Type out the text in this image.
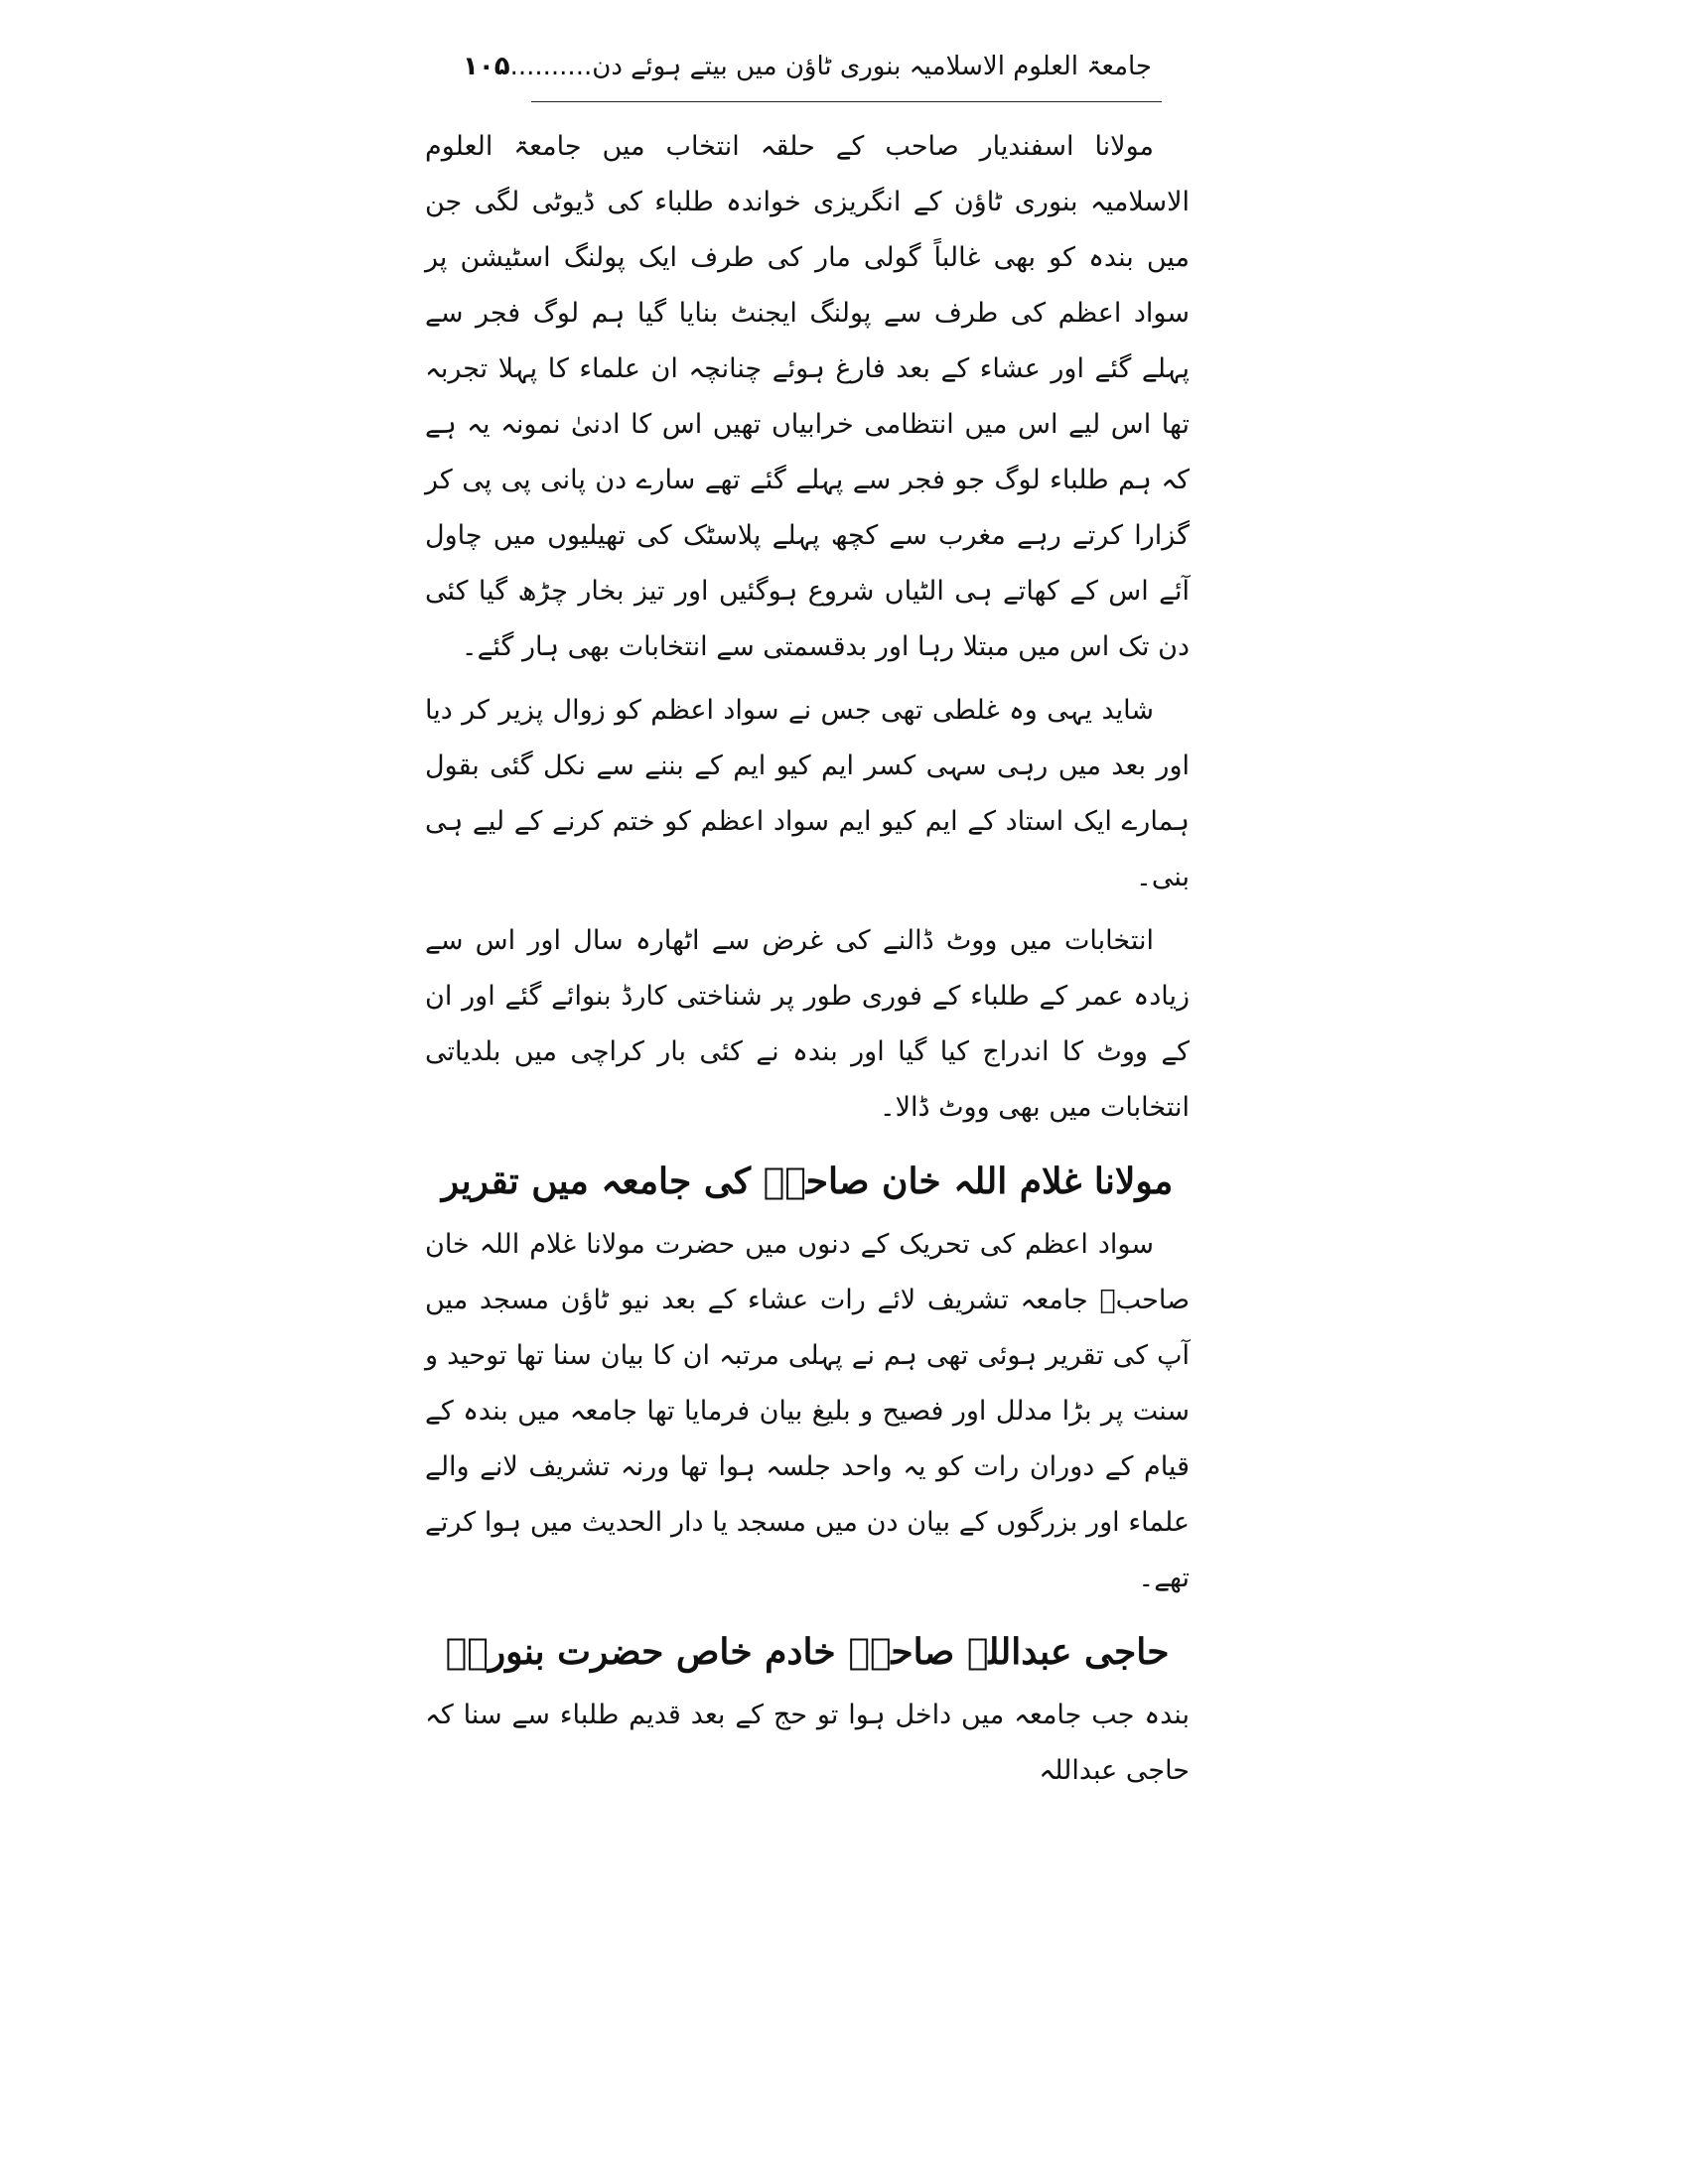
جامعۃ العلوم الاسلامیہ بنوری ٹاؤن میں بیتے ہوئے دن..........۱۰۵

مولانا اسفندیار صاحب کے حلقہ انتخاب میں جامعۃ العلوم الاسلامیہ بنوری ٹاؤن کے انگریزی خواندہ طلباء کی ڈیوٹی لگی جن میں بندہ کو بھی غالباً گولی مار کی طرف ایک پولنگ اسٹیشن پر سواد اعظم کی طرف سے پولنگ ایجنٹ بنایا گیا ہم لوگ فجر سے پہلے گئے اور عشاء کے بعد فارغ ہوئے چنانچہ ان علماء کا پہلا تجربہ تھا اس لیے اس میں انتظامی خرابیاں تھیں اس کا ادنیٰ نمونہ یہ ہے کہ ہم طلباء لوگ جو فجر سے پہلے گئے تھے سارے دن پانی پی پی کر گزارا کرتے رہے مغرب سے کچھ پہلے پلاسٹک کی تھیلیوں میں چاول آئے اس کے کھاتے ہی الٹیاں شروع ہوگئیں اور تیز بخار چڑھ گیا کئی دن تک اس میں مبتلا رہا اور بدقسمتی سے انتخابات بھی ہار گئے۔

شاید یہی وہ غلطی تھی جس نے سواد اعظم کو زوال پزیر کر دیا اور بعد میں رہی سہی کسر ایم کیو ایم کے بننے سے نکل گئی بقول ہمارے ایک استاد کے ایم کیو ایم سواد اعظم کو ختم کرنے کے لیے ہی بنی۔

انتخابات میں ووٹ ڈالنے کی غرض سے اٹھارہ سال اور اس سے زیادہ عمر کے طلباء کے فوری طور پر شناختی کارڈ بنوائے گئے اور ان کے ووٹ کا اندراج کیا گیا اور بندہ نے کئی بار کراچی میں بلدیاتی انتخابات میں بھی ووٹ ڈالا۔

مولانا غلام اللہ خان صاحبؒ کی جامعہ میں تقریر

سواد اعظم کی تحریک کے دنوں میں حضرت مولانا غلام اللہ خان صاحبؒ جامعہ تشریف لائے رات عشاء کے بعد نیو ٹاؤن مسجد میں آپ کی تقریر ہوئی تھی ہم نے پہلی مرتبہ ان کا بیان سنا تھا توحید و سنت پر بڑا مدلل اور فصیح و بلیغ بیان فرمایا تھا جامعہ میں بندہ کے قیام کے دوران رات کو یہ واحد جلسہ ہوا تھا ورنہ تشریف لانے والے علماء اور بزرگوں کے بیان دن میں مسجد یا دار الحدیث میں ہوا کرتے تھے۔

حاجی عبداللہ صاحبؒ خادم خاص حضرت بنوریؒ

بندہ جب جامعہ میں داخل ہوا تو حج کے بعد قدیم طلباء سے سنا کہ حاجی عبداللہ
